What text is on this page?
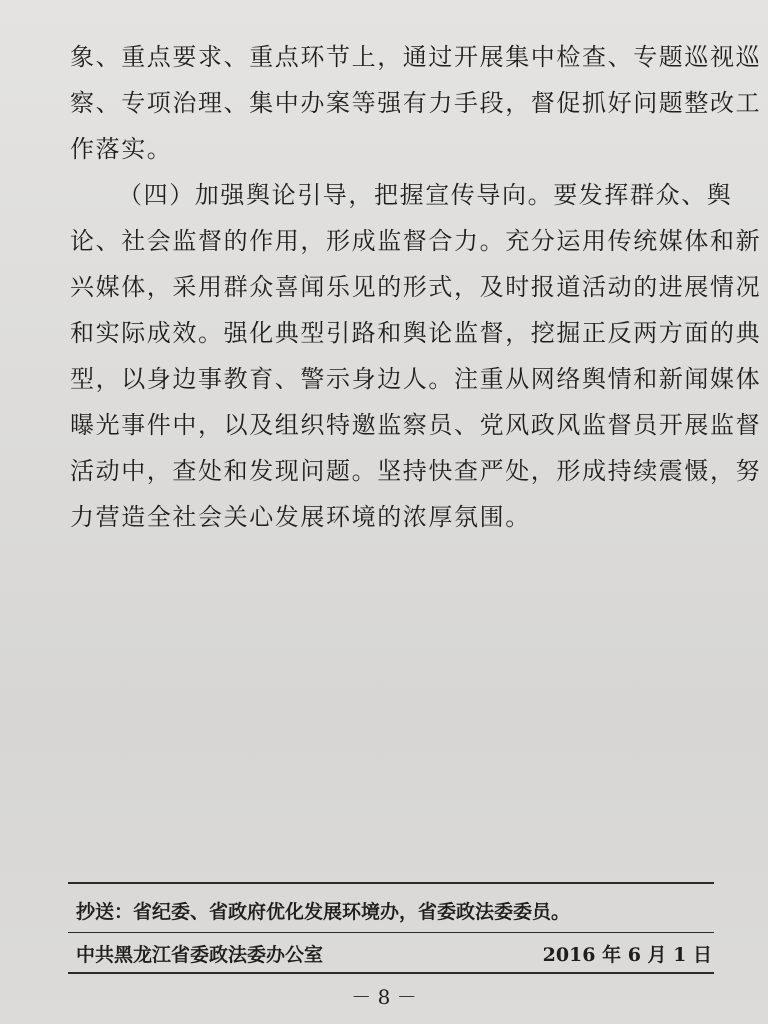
象、重点要求、重点环节上，通过开展集中检查、专题巡视巡
察、专项治理、集中办案等强有力手段，督促抓好问题整改工
作落实。
（四）加强舆论引导，把握宣传导向。要发挥群众、舆
论、社会监督的作用，形成监督合力。充分运用传统媒体和新
兴媒体，采用群众喜闻乐见的形式，及时报道活动的进展情况
和实际成效。强化典型引路和舆论监督，挖掘正反两方面的典
型，以身边事教育、警示身边人。注重从网络舆情和新闻媒体
曝光事件中，以及组织特邀监察员、党风政风监督员开展监督
活动中，查处和发现问题。坚持快查严处，形成持续震慑，努
力营造全社会关心发展环境的浓厚氛围。
抄送：省纪委、省政府优化发展环境办，省委政法委委员。
中共黑龙江省委政法委办公室	2016 年 6 月 1 日
－ 8 －
